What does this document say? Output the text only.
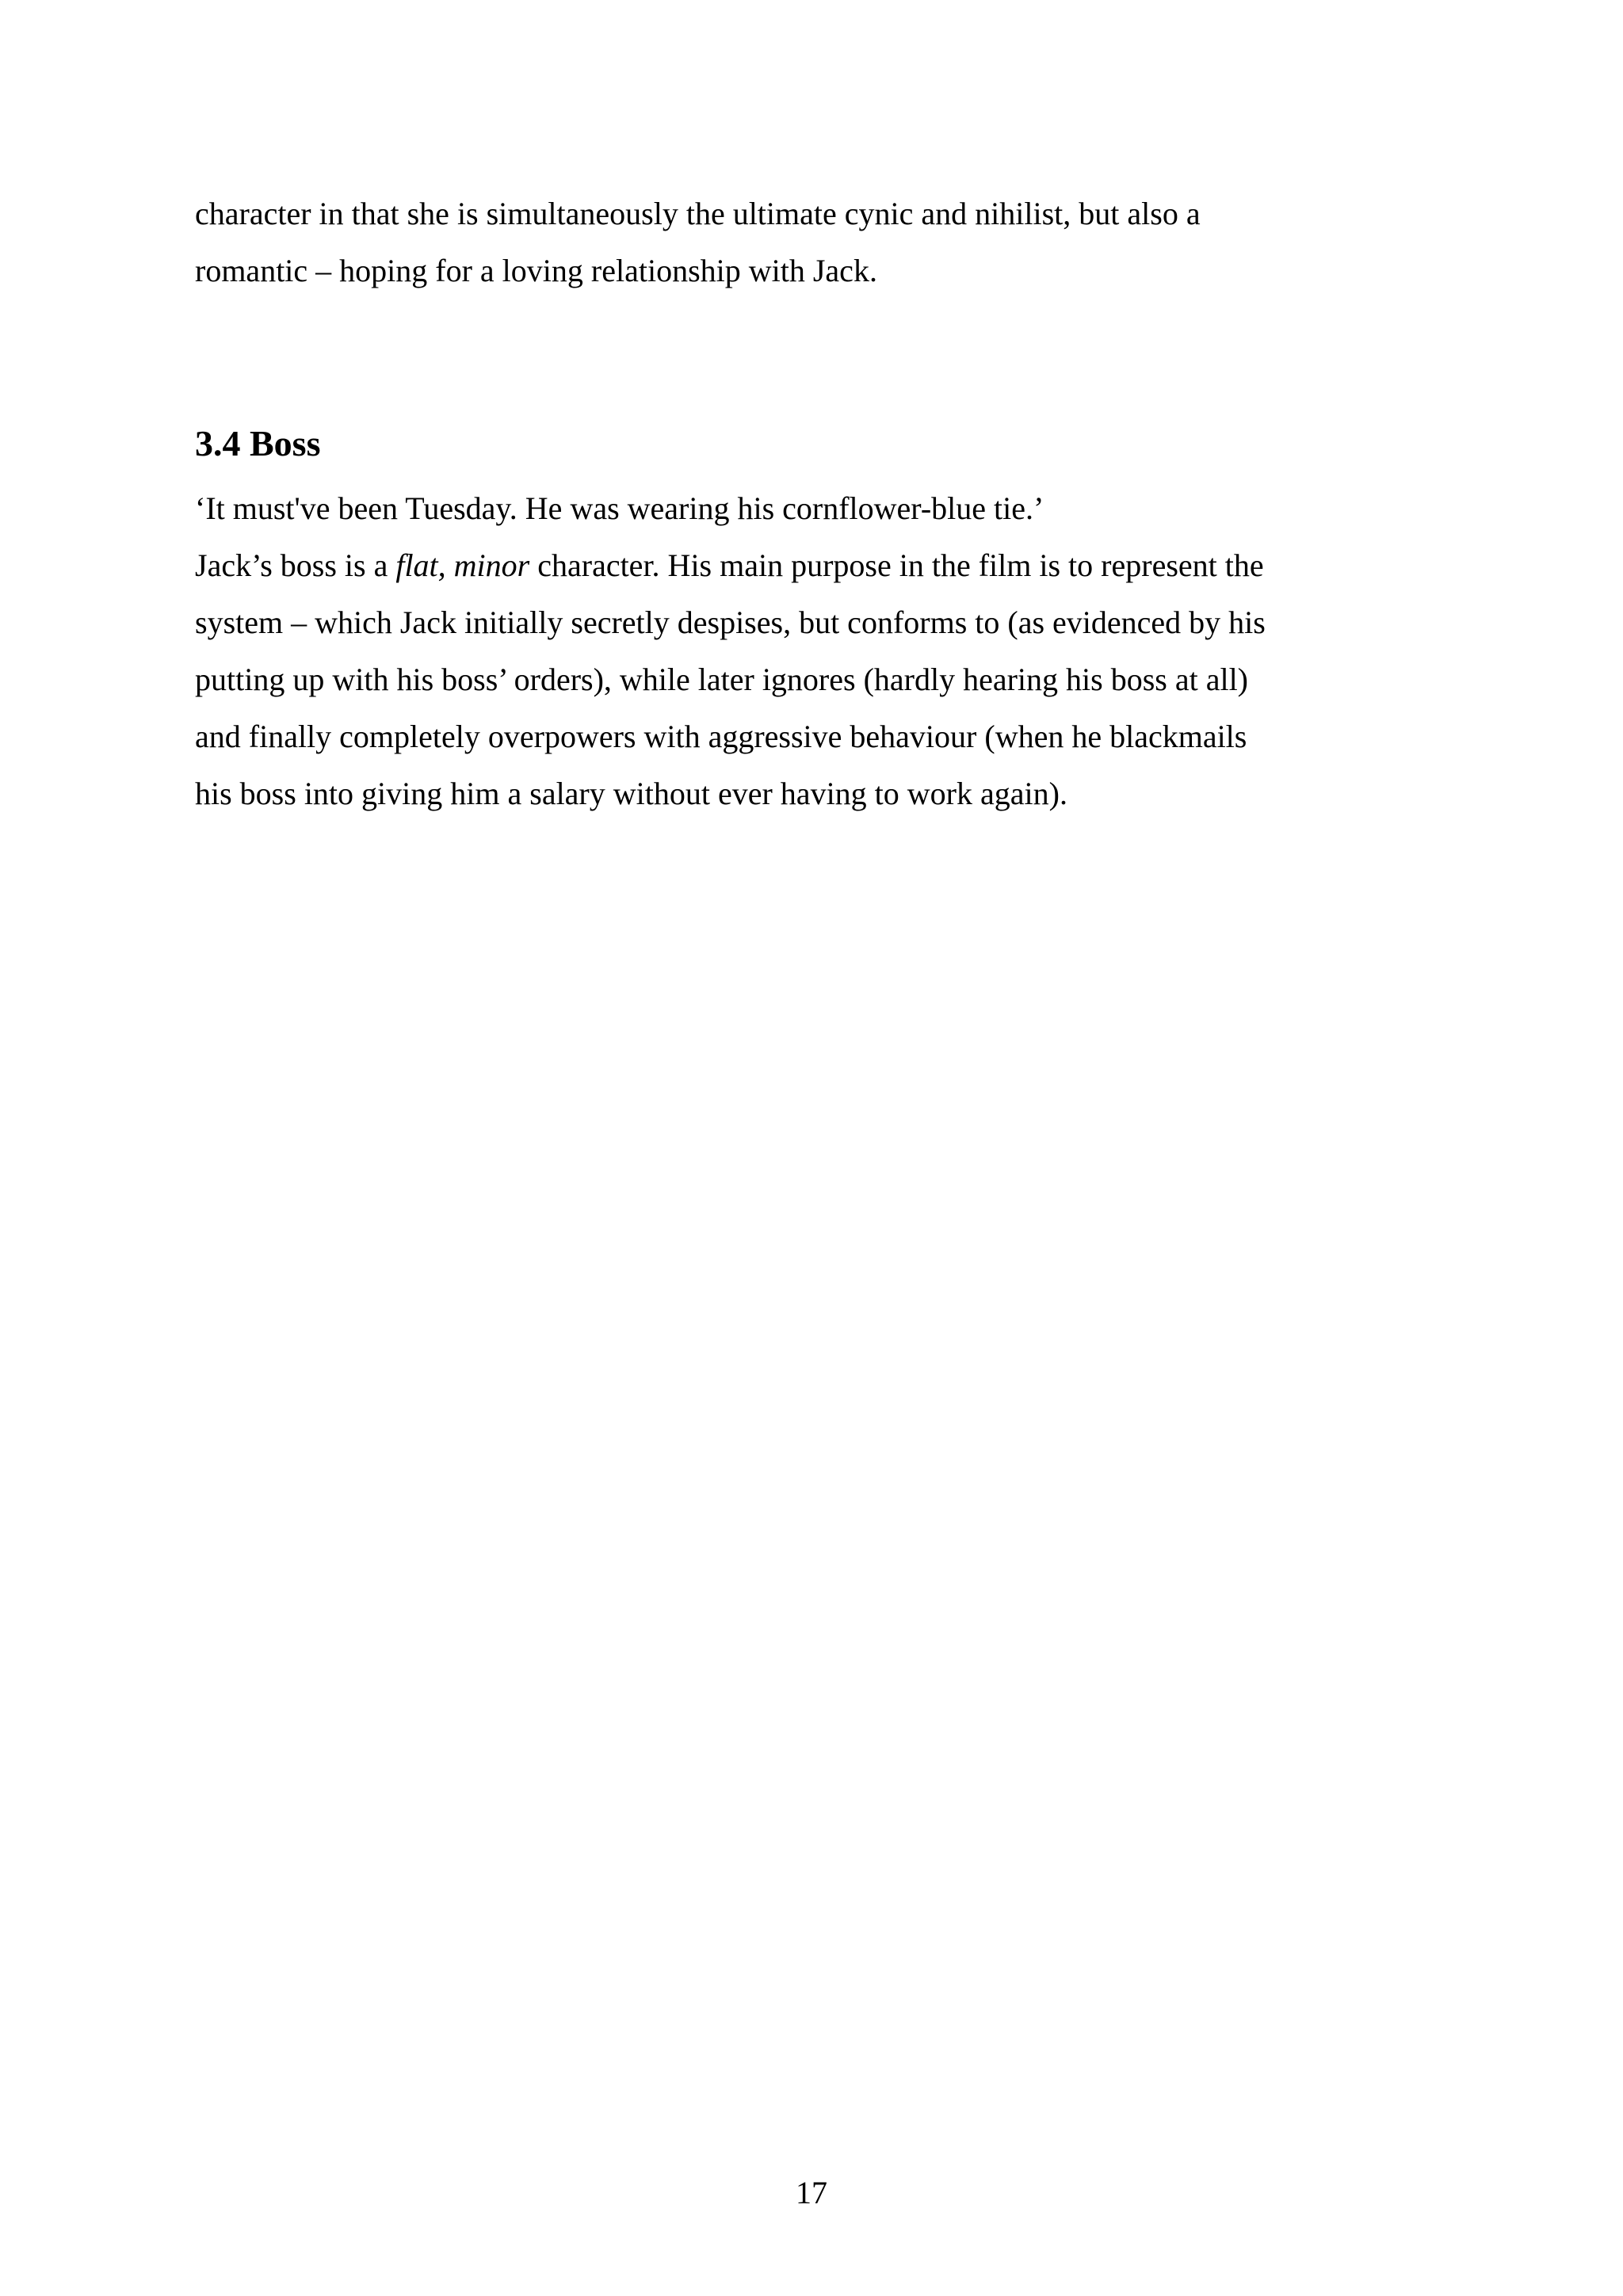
character in that she is simultaneously the ultimate cynic and nihilist, but also a
romantic – hoping for a loving relationship with Jack.
3.4 Boss
‘It must've been Tuesday. He was wearing his cornflower-blue tie.’
Jack’s boss is a flat, minor character. His main purpose in the film is to represent the
system – which Jack initially secretly despises, but conforms to (as evidenced by his
putting up with his boss’ orders), while later ignores (hardly hearing his boss at all)
and finally completely overpowers with aggressive behaviour (when he blackmails
his boss into giving him a salary without ever having to work again).
17
